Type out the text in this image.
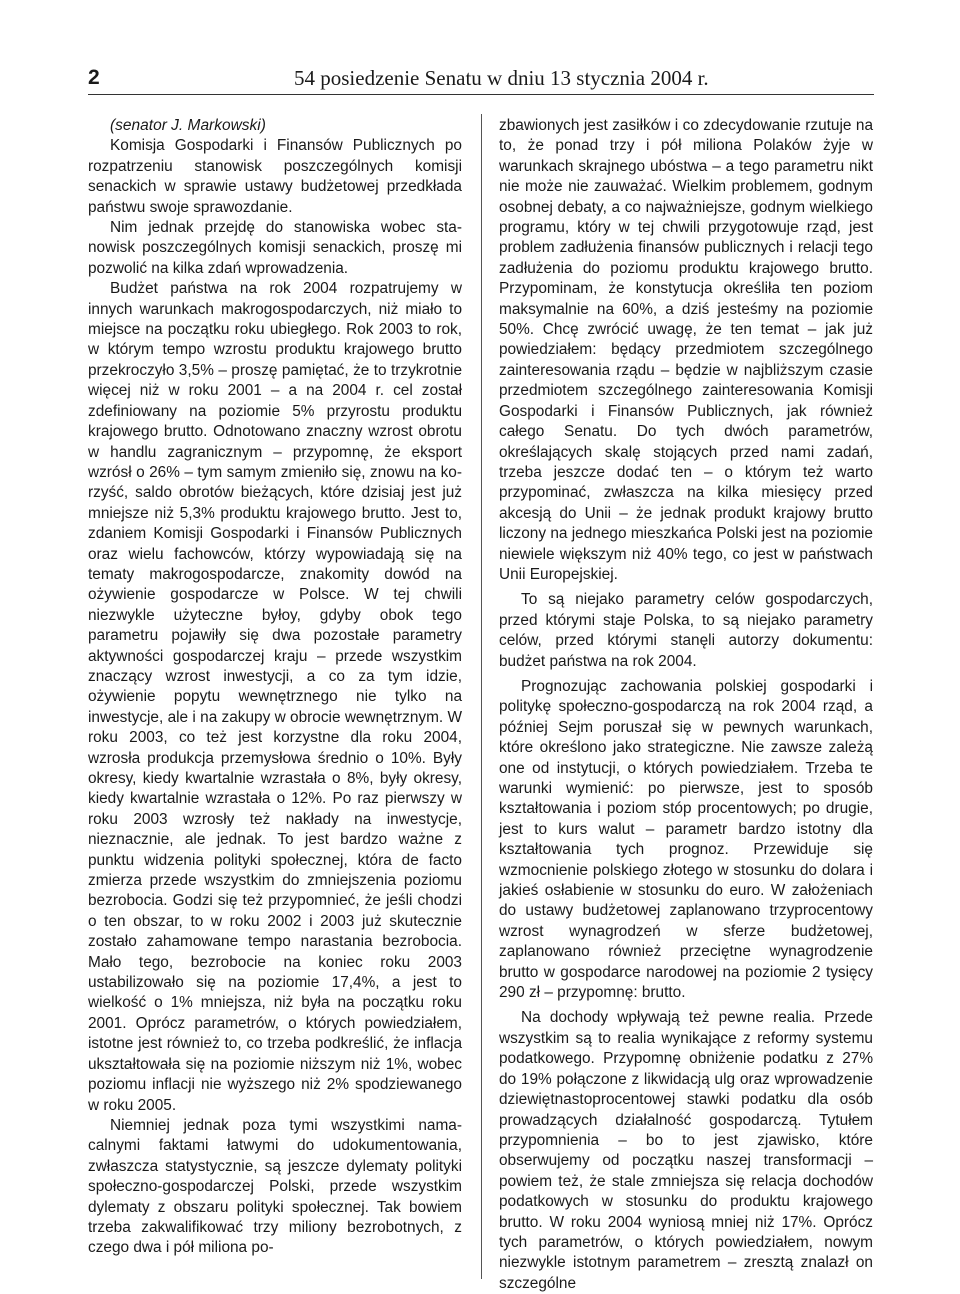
2	54 posiedzenie Senatu w dniu 13 stycznia 2004 r.

(senator J. Markowski)

Komisja Gospodarki i Finansów Publicznych po rozpatrzeniu stanowisk poszczególnych komisji senackich w sprawie ustawy budżetowej przedkłada państwu swoje sprawozdanie.

Nim jednak przejdę do stanowiska wobec stanowisk poszczególnych komisji senackich, proszę mi pozwolić na kilka zdań wprowadzenia.

Budżet państwa na rok 2004 rozpatrujemy w innych warunkach makrogospodarczych, niż miało to miejsce na początku roku ubiegłego. Rok 2003 to rok, w którym tempo wzrostu produktu krajowego brutto przekroczyło 3,5% – proszę pamiętać, że to trzykrotnie więcej niż w roku 2001 – a na 2004 r. cel został zdefiniowany na poziomie 5% przyrostu produktu krajowego brutto. Odnotowano znaczny wzrost obrotu w handlu zagranicznym – przypomnę, że eksport wzrósł o 26% – tym samym zmieniło się, znowu na korzyść, saldo obrotów bieżących, które dzisiaj jest już mniejsze niż 5,3% produktu krajowego brutto. Jest to, zdaniem Komisji Gospodarki i Finansów Publicznych oraz wielu fachowców, którzy wypowiadają się na tematy makrogospodarcze, znakomity dowód na ożywienie gospodarcze w Polsce. W tej chwili niezwykle użyteczne byłoy, gdyby obok tego parametru pojawiły się dwa pozostałe parametry aktywności gospodarczej kraju – przede wszystkim znaczący wzrost inwestycji, a co za tym idzie, ożywienie popytu wewnętrznego nie tylko na inwestycje, ale i na zakupy w obrocie wewnętrznym. W roku 2003, co też jest korzystne dla roku 2004, wzrosła produkcja przemysłowa średnio o 10%. Były okresy, kiedy kwartalnie wzrastała o 8%, były okresy, kiedy kwartalnie wzrastała o 12%. Po raz pierwszy w roku 2003 wzrosły też nakłady na inwestycje, nieznacznie, ale jednak. To jest bardzo ważne z punktu widzenia polityki społecznej, która de facto zmierza przede wszystkim do zmniejszenia poziomu bezrobocia. Godzi się też przypomnieć, że jeśli chodzi o ten obszar, to w roku 2002 i 2003 już skutecznie zostało zahamowane tempo narastania bezrobocia. Mało tego, bezrobocie na koniec roku 2003 ustabilizowało się na poziomie 17,4%, a jest to wielkość o 1% mniejsza, niż była na początku roku 2001. Oprócz parametrów, o których powiedziałem, istotne jest również to, co trzeba podkreślić, że inflacja ukształtowała się na poziomie niższym niż 1%, wobec poziomu inflacji nie wyższego niż 2% spodziewanego w roku 2005.

Niemniej jednak poza tymi wszystkimi namacalnymi faktami łatwymi do udokumentowania, zwłaszcza statystycznie, są jeszcze dylematy polityki społeczno-gospodarczej Polski, przede wszystkim dylematy z obszaru polityki społecznej. Tak bowiem trzeba zakwalifikować trzy miliony bezrobotnych, z czego dwa i pół miliona po-

zbawionych jest zasiłków i co zdecydowanie rzutuje na to, że ponad trzy i pół miliona Polaków żyje w warunkach skrajnego ubóstwa – a tego parametru nikt nie może nie zauważać. Wielkim problemem, godnym osobnej debaty, a co najważniejsze, godnym wielkiego programu, który w tej chwili przygotowuje rząd, jest problem zadłużenia finansów publicznych i relacji tego zadłużenia do poziomu produktu krajowego brutto. Przypominam, że konstytucja określiła ten poziom maksymalnie na 60%, a dziś jesteśmy na poziomie 50%. Chcę zwrócić uwagę, że ten temat – jak już powiedziałem: będący przedmiotem szczególnego zainteresowania rządu – będzie w najbliższym czasie przedmiotem szczególnego zainteresowania Komisji Gospodarki i Finansów Publicznych, jak również całego Senatu. Do tych dwóch parametrów, określających skalę stojących przed nami zadań, trzeba jeszcze dodać ten – o którym też warto przypominać, zwłaszcza na kilka miesięcy przed akcesją do Unii – że jednak produkt krajowy brutto liczony na jednego mieszkańca Polski jest na poziomie niewiele większym niż 40% tego, co jest w państwach Unii Europejskiej.

To są niejako parametry celów gospodarczych, przed którymi staje Polska, to są niejako parametry celów, przed którymi stanęli autorzy dokumentu: budżet państwa na rok 2004.

Prognozując zachowania polskiej gospodarki i politykę społeczno-gospodarczą na rok 2004 rząd, a później Sejm poruszał się w pewnych warunkach, które określono jako strategiczne. Nie zawsze zależą one od instytucji, o których powiedziałem. Trzeba te warunki wymienić: po pierwsze, jest to sposób kształtowania i poziom stóp procentowych; po drugie, jest to kurs walut – parametr bardzo istotny dla kształtowania tych prognoz. Przewiduje się wzmocnienie polskiego złotego w stosunku do dolara i jakieś osłabienie w stosunku do euro. W założeniach do ustawy budżetowej zaplanowano trzyprocentowy wzrost wynagrodzeń w sferze budżetowej, zaplanowano również przeciętne wynagrodzenie brutto w gospodarce narodowej na poziomie 2 tysięcy 290 zł – przypomnę: brutto.

Na dochody wpływają też pewne realia. Przede wszystkim są to realia wynikające z reformy systemu podatkowego. Przypomnę obniżenie podatku z 27% do 19% połączone z likwidacją ulg oraz wprowadzenie dziewiętnastoprocentowej stawki podatku dla osób prowadzących działalność gospodarczą. Tytułem przypomnienia – bo to jest zjawisko, które obserwujemy od początku naszej transformacji – powiem też, że stale zmniejsza się relacja dochodów podatkowych w stosunku do produktu krajowego brutto. W roku 2004 wyniosą mniej niż 17%. Oprócz tych parametrów, o których powiedziałem, nowym niezwykle istotnym parametrem – zresztą znalazł on szczególne
